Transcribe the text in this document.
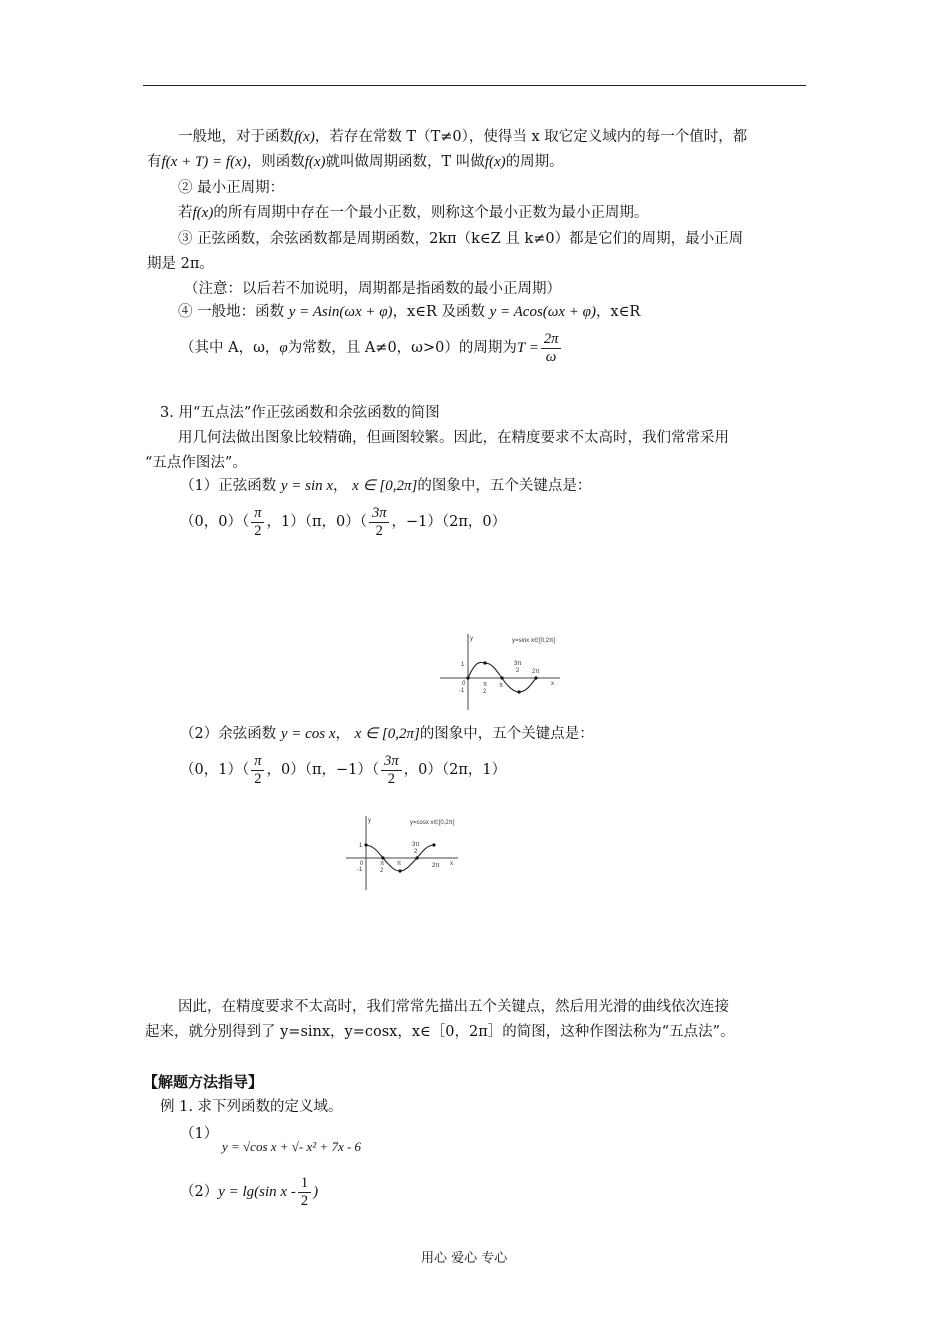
一般地，对于函数f(x)，若存在常数 T（T≠0），使得当 x 取它定义域内的每一个值时，都
有f(x + T) = f(x)，则函数f(x)就叫做周期函数，T 叫做f(x)的周期。
② 最小正周期：
若f(x)的所有周期中存在一个最小正数，则称这个最小正数为最小正周期。
③ 正弦函数，余弦函数都是周期函数，2kπ（k∈Z 且 k≠0）都是它们的周期，最小正周
期是 2π。
（注意：以后若不加说明，周期都是指函数的最小正周期）
④ 一般地：函数 y = Asin(ωx + φ)，x∈R 及函数 y = Acos(ωx + φ)，x∈R
（其中 A，ω，φ为常数，且 A≠0，ω>0）的周期为$T = \frac{2\pi}{\omega}$
3. 用“五点法”作正弦函数和余弦函数的简图
用几何法做出图象比较精确，但画图较繁。因此，在精度要求不太高时，我们常常采用
“五点作图法”。
（1）正弦函数 y = sin x， x ∈ [0,2π]的图象中，五个关键点是：
（0，$0)( \frac{\pi}{2}$ ，1）（π，$0)( \frac{3\pi}{2}$ ，−1）（2π，0）
y	y=sinx x∈[0,2π]
1
-1
0	π
2
π
3π
2 2π
x
（2）余弦函数 y = cos x， x ∈ [0,2π]的图象中，五个关键点是：
（0，$1)( \frac{\pi}{2}$ ，0）（π，$-1)( \frac{3\pi}{2}$ ，0）（2π，1）
y	y=cosx x∈[0,2π]
1
-1
0	π
2
π
3π
2
2π x
因此，在精度要求不太高时，我们常常先描出五个关键点，然后用光滑的曲线依次连接
起来，就分别得到了 y=sinx，y=cosx，x∈［0，2π］的简图，这种作图法称为“五点法”。
【解题方法指导】
例 1. 求下列函数的定义域。
（1）
y = √cos x + √- x² + 7x - 6
（2）y = lg(sin x - $\frac{1}{2}$ )
用心 爱心 专心
